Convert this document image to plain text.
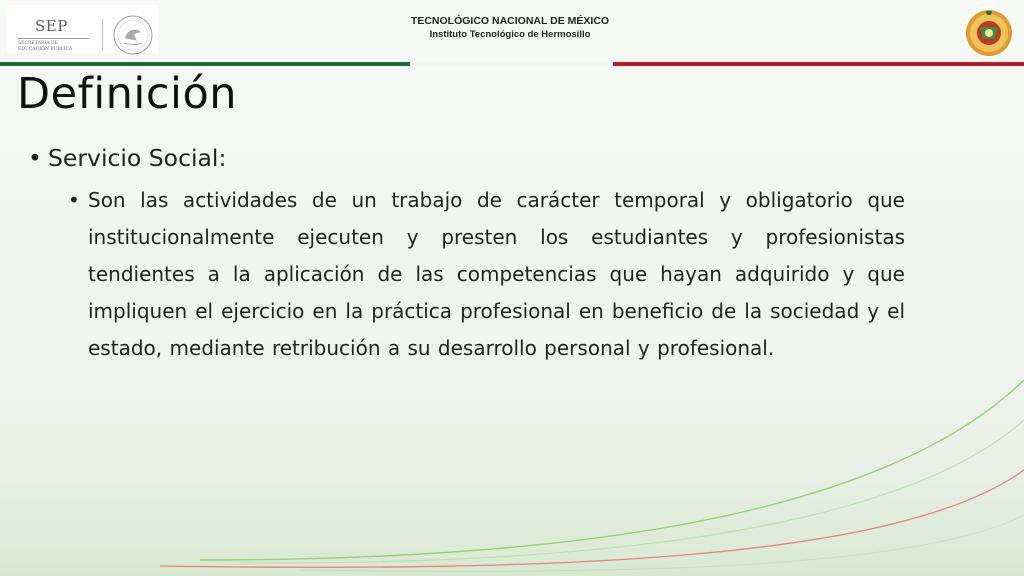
SEP
SECRETARÍA DE
EDUCACIÓN PÚBLICA
TECNOLÓGICO NACIONAL DE MÉXICO
Instituto Tecnológico de Hermosillo
Definición
• Servicio Social:
• Son las actividades de un trabajo de carácter temporal y obligatorio que institucionalmente ejecuten y presten los estudiantes y profesionistas tendientes a la aplicación de las competencias que hayan adquirido y que impliquen el ejercicio en la práctica profesional en beneficio de la sociedad y el estado, mediante retribución a su desarrollo personal y profesional.
